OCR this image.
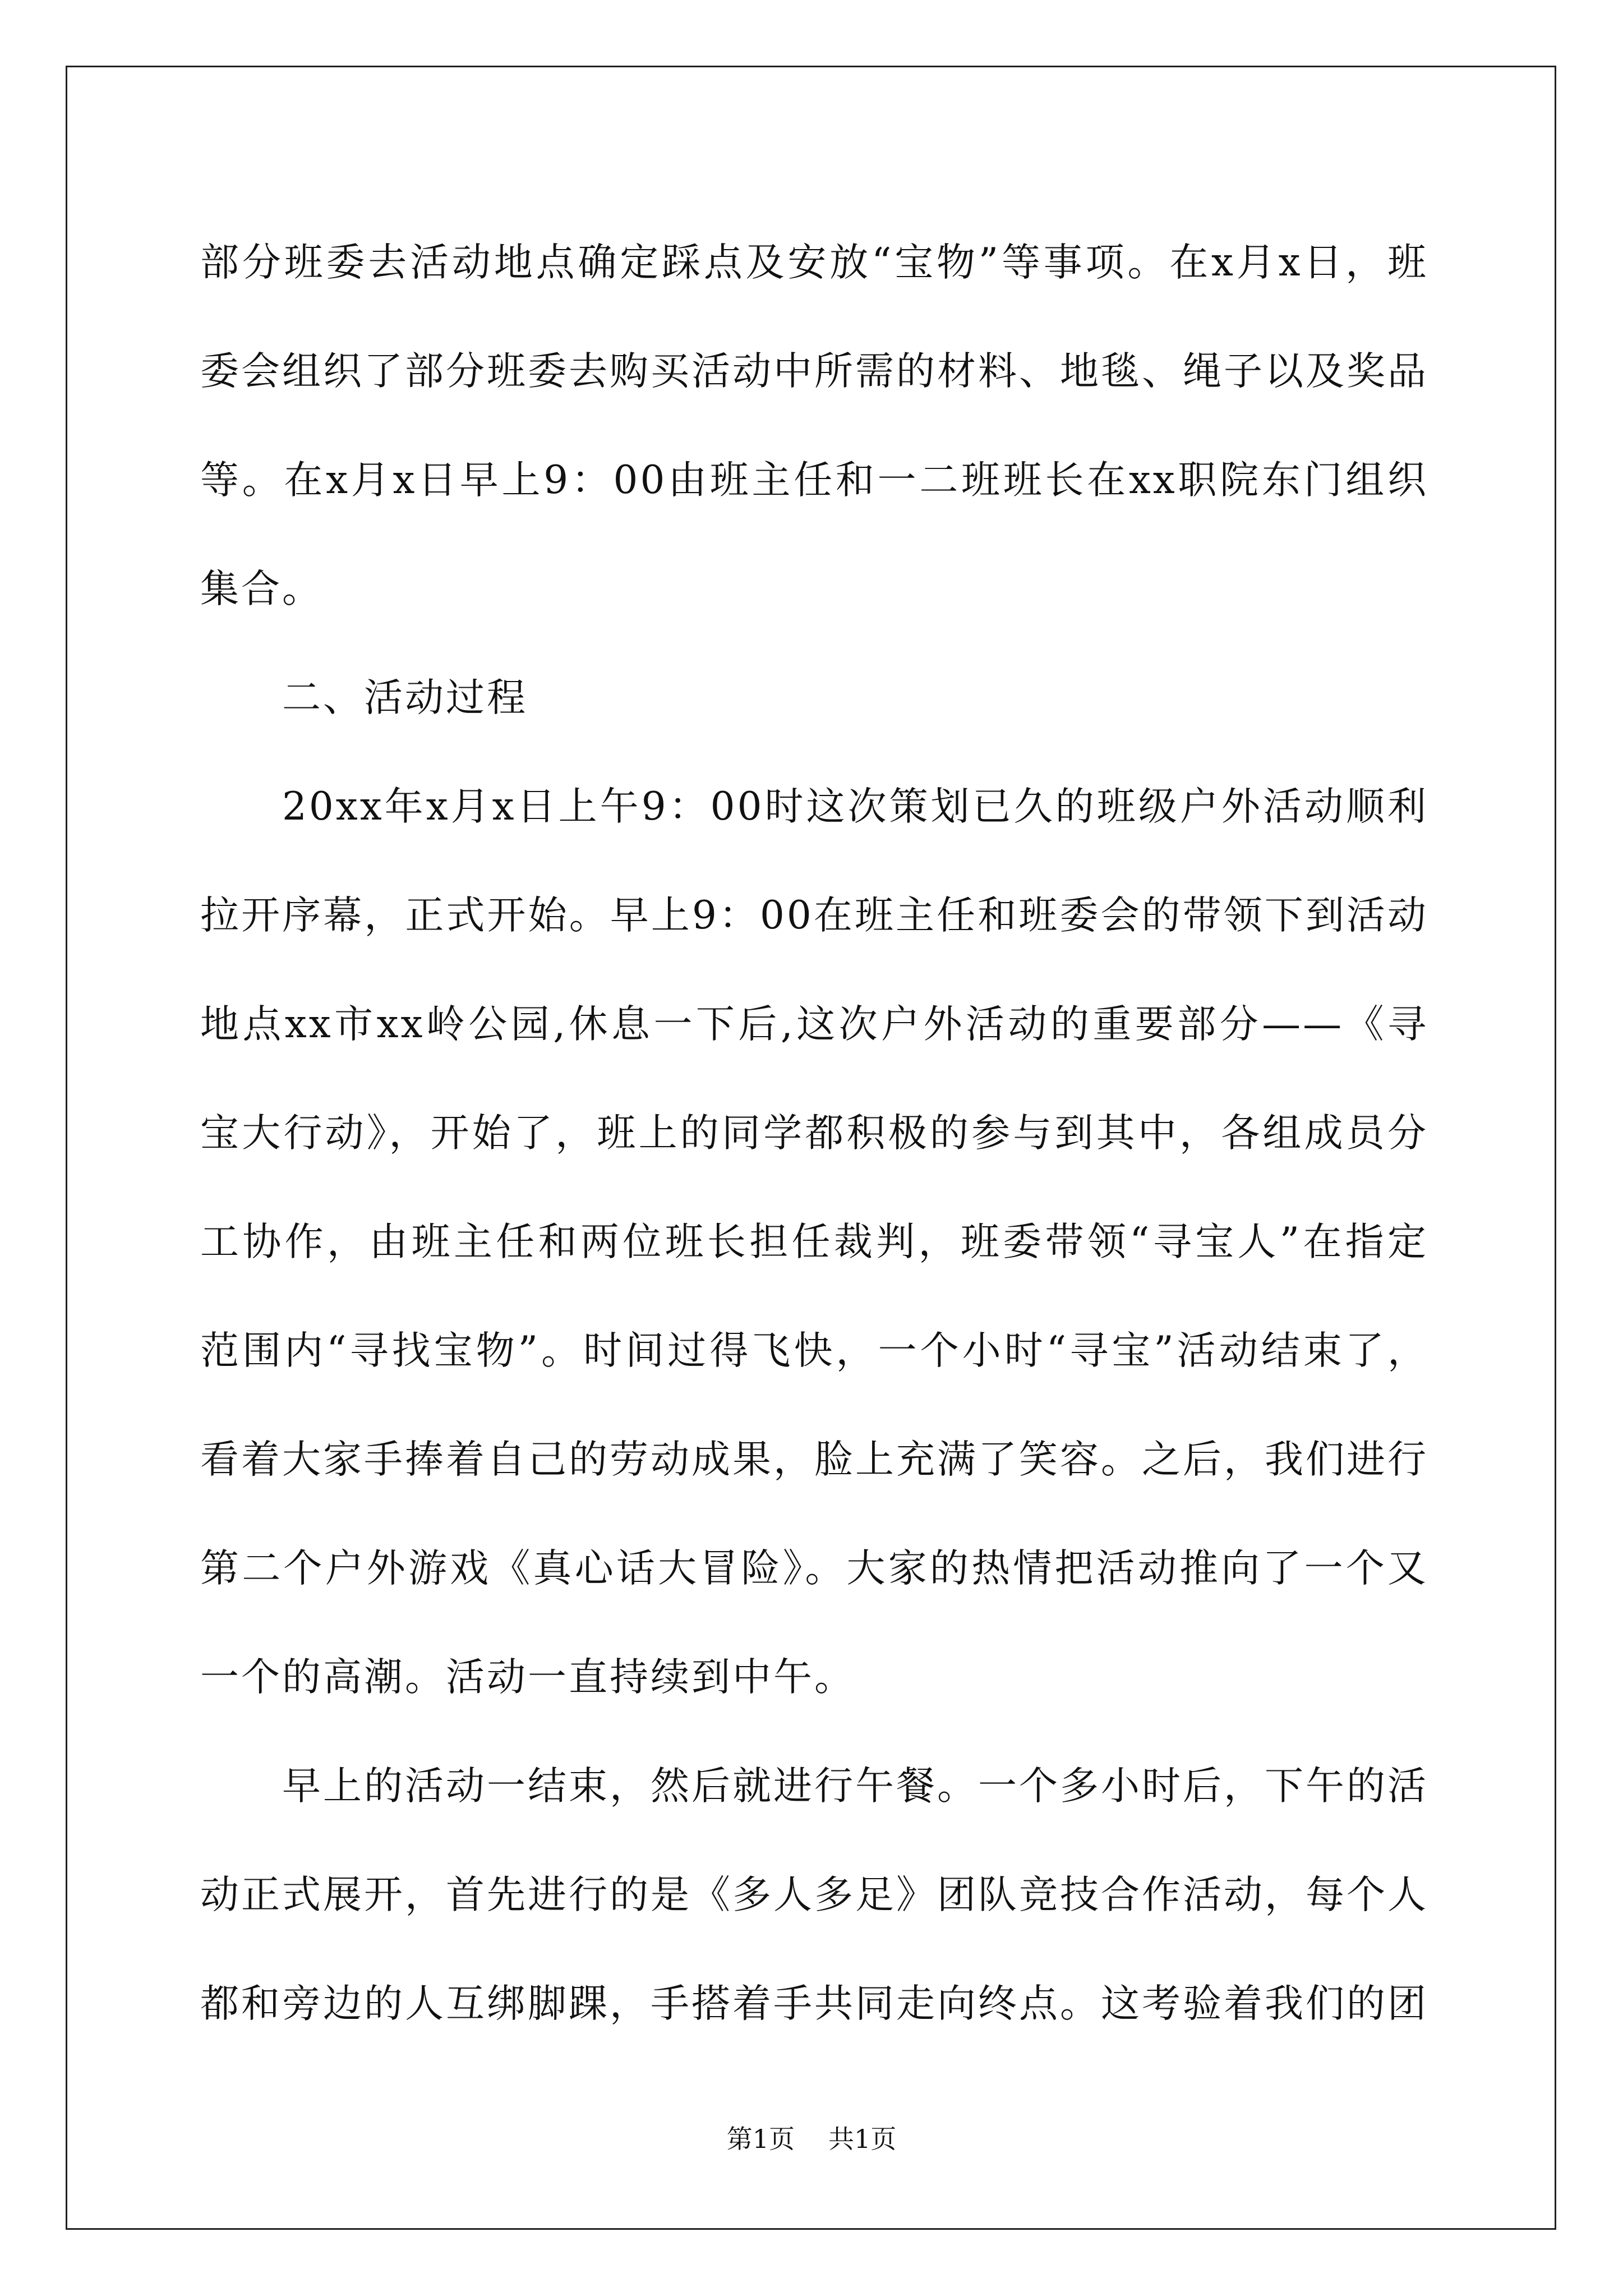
部分班委去活动地点确定踩点及安放“宝物”等事项。在x月x日，班委会组织了部分班委去购买活动中所需的材料、地毯、绳子以及奖品等。在x月x日早上9：00由班主任和一二班班长在xx职院东门组织集合。

二、活动过程

20xx年x月x日上午9：00时这次策划已久的班级户外活动顺利拉开序幕，正式开始。早上9：00在班主任和班委会的带领下到活动地点xx市xx岭公园,休息一下后,这次户外活动的重要部分——《寻宝大行动》，开始了，班上的同学都积极的参与到其中，各组成员分工协作，由班主任和两位班长担任裁判，班委带领“寻宝人”在指定范围内“寻找宝物”。时间过得飞快，一个小时“寻宝”活动结束了，看着大家手捧着自己的劳动成果，脸上充满了笑容。之后，我们进行第二个户外游戏《真心话大冒险》。大家的热情把活动推向了一个又一个的高潮。活动一直持续到中午。

早上的活动一结束，然后就进行午餐。一个多小时后，下午的活动正式展开，首先进行的是《多人多足》团队竞技合作活动，每个人都和旁边的人互绑脚踝，手搭着手共同走向终点。这考验着我们的团

第1页 共1页
